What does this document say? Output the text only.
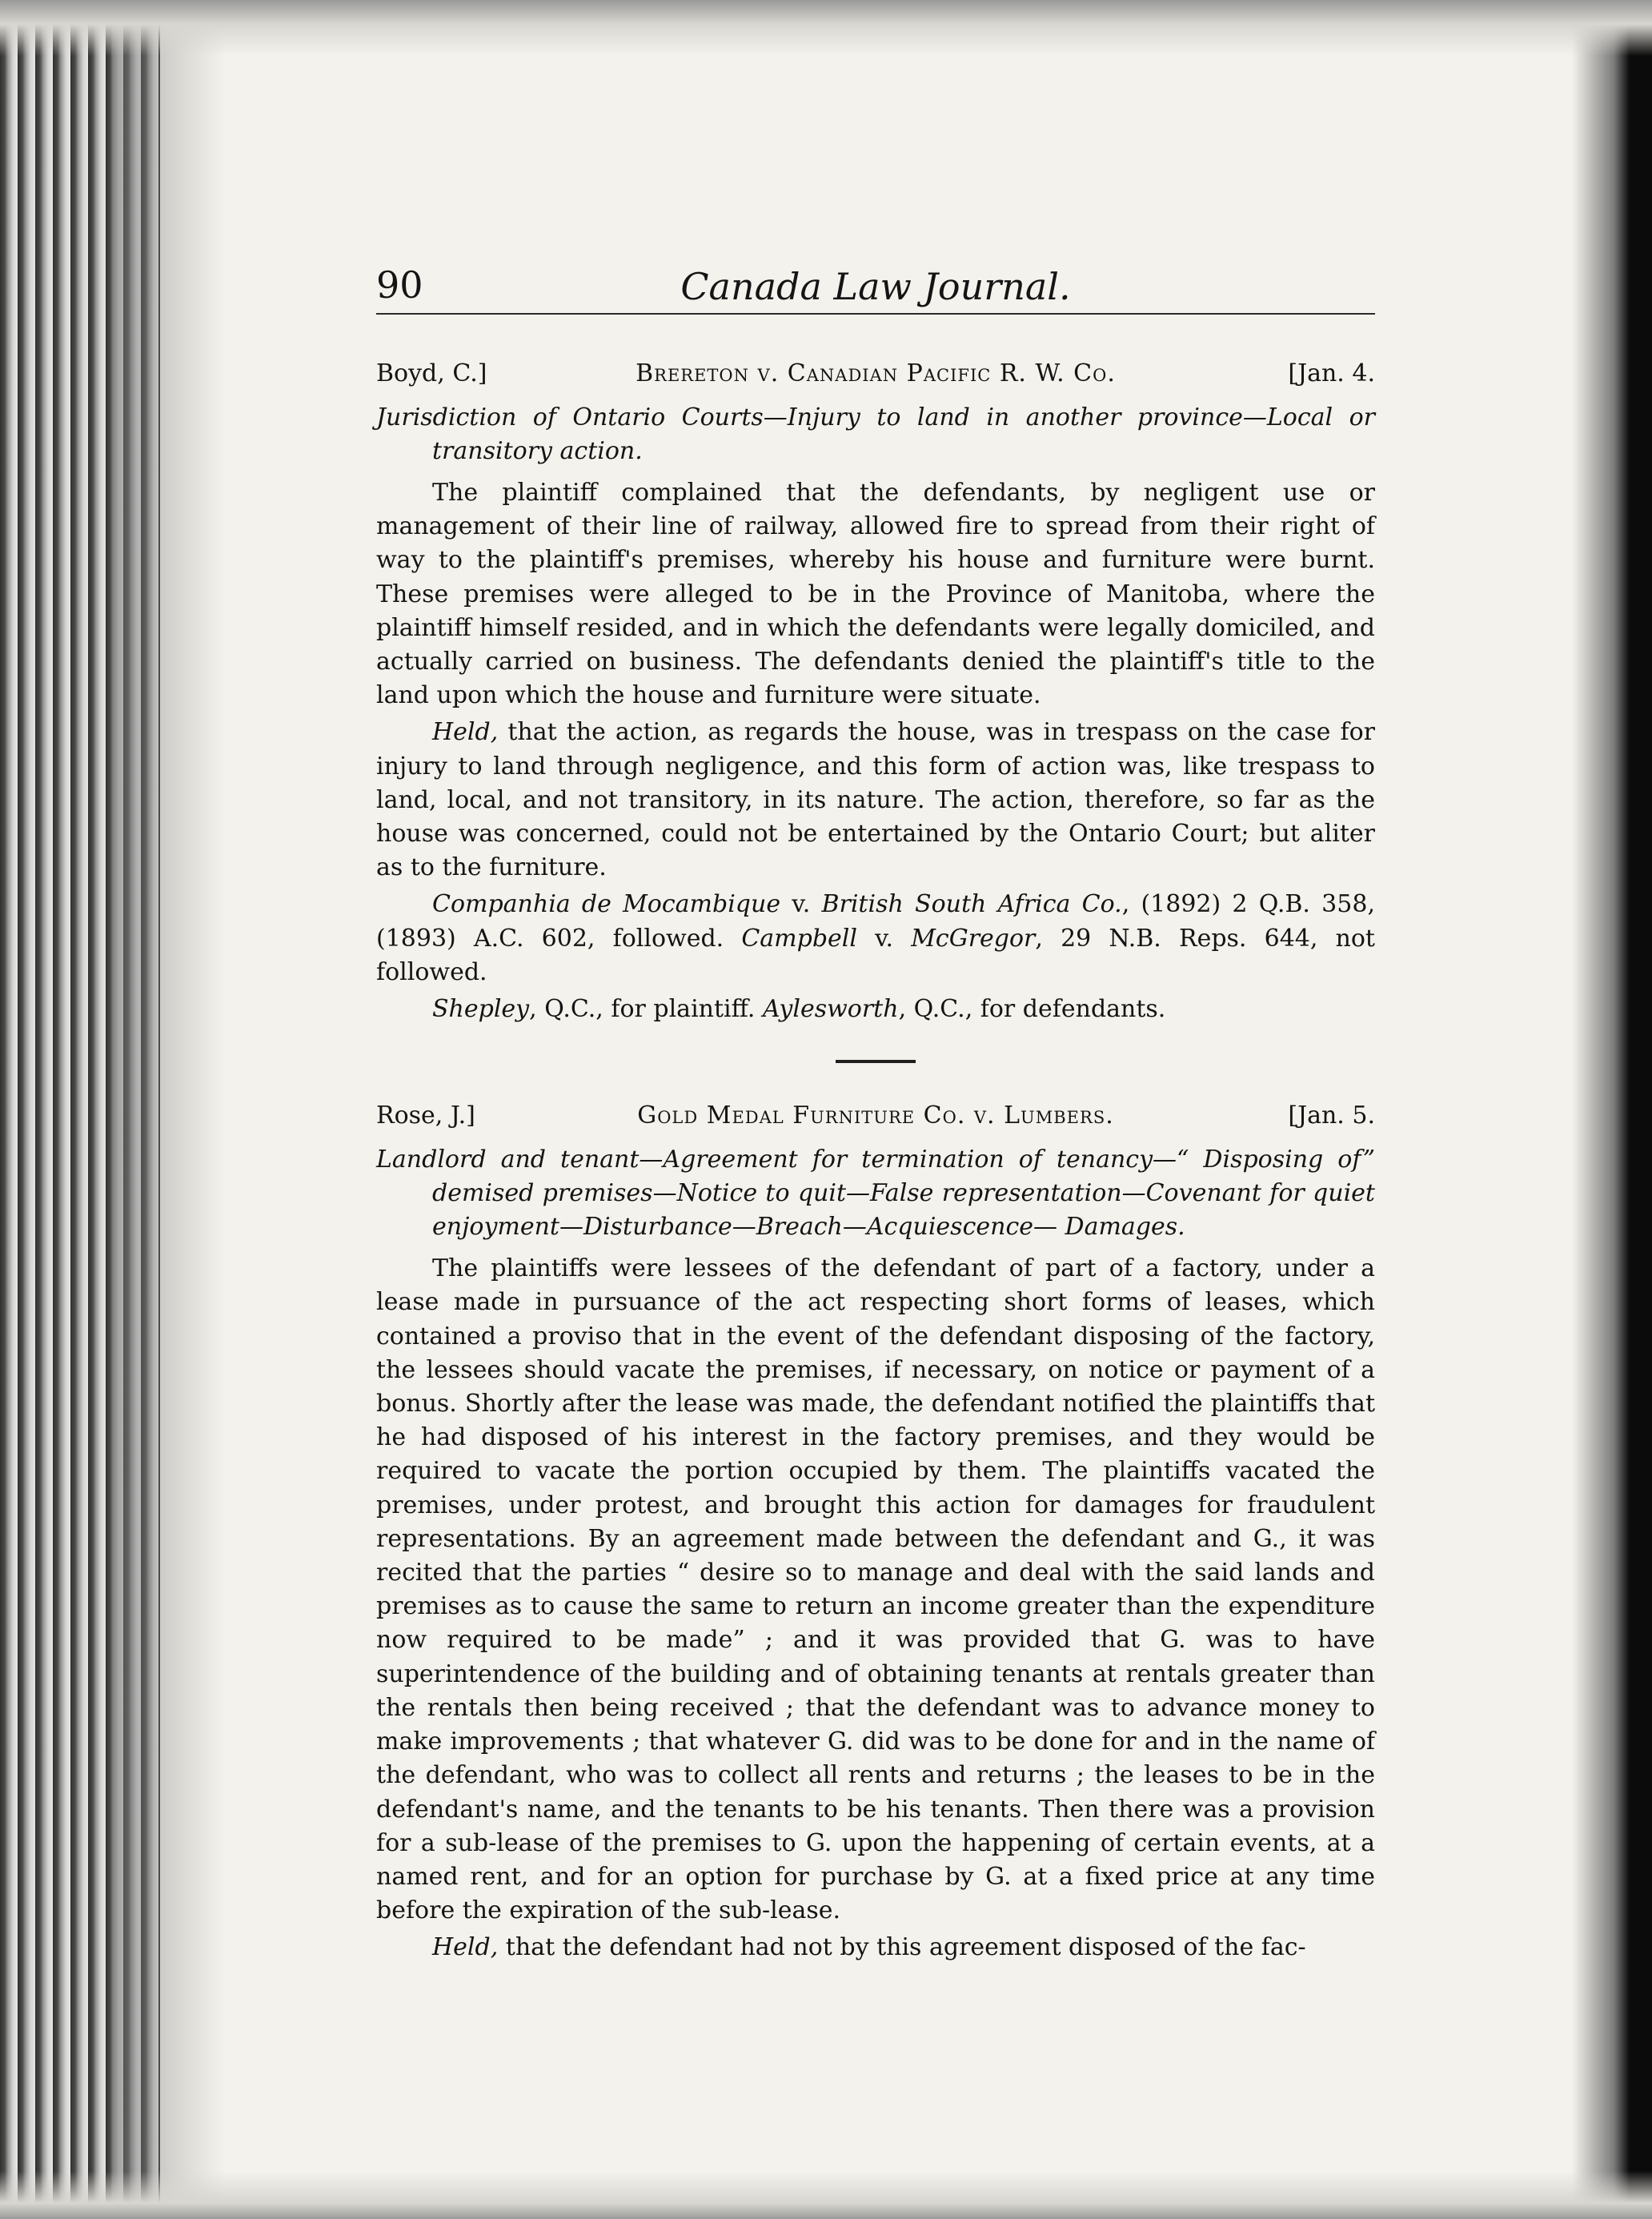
90	Canada Law Journal.
Boyd, C.]	Brereton v. Canadian Pacific R. W. Co.	[Jan. 4.
Jurisdiction of Ontario Courts—Injury to land in another province—Local or transitory action.

The plaintiff complained that the defendants, by negligent use or management of their line of railway, allowed fire to spread from their right of way to the plaintiff's premises, whereby his house and furniture were burnt. These premises were alleged to be in the Province of Manitoba, where the plaintiff himself resided, and in which the defendants were legally domiciled, and actually carried on business. The defendants denied the plaintiff's title to the land upon which the house and furniture were situate.

Held, that the action, as regards the house, was in trespass on the case for injury to land through negligence, and this form of action was, like trespass to land, local, and not transitory, in its nature. The action, therefore, so far as the house was concerned, could not be entertained by the Ontario Court; but aliter as to the furniture.

Companhia de Mocambique v. British South Africa Co., (1892) 2 Q.B. 358, (1893) A.C. 602, followed. Campbell v. McGregor, 29 N.B. Reps. 644, not followed.

Shepley, Q.C., for plaintiff. Aylesworth, Q.C., for defendants.

Rose, J.]	Gold Medal Furniture Co. v. Lumbers.	[Jan. 5.
Landlord and tenant—Agreement for termination of tenancy—“ Disposing of” demised premises—Notice to quit—False representation—Covenant for quiet enjoyment—Disturbance—Breach—Acquiescence— Damages.

The plaintiffs were lessees of the defendant of part of a factory, under a lease made in pursuance of the act respecting short forms of leases, which contained a proviso that in the event of the defendant disposing of the factory, the lessees should vacate the premises, if necessary, on notice or payment of a bonus. Shortly after the lease was made, the defendant notified the plaintiffs that he had disposed of his interest in the factory premises, and they would be required to vacate the portion occupied by them. The plaintiffs vacated the premises, under protest, and brought this action for damages for fraudulent representations. By an agreement made between the defendant and G., it was recited that the parties “ desire so to manage and deal with the said lands and premises as to cause the same to return an income greater than the expenditure now required to be made” ; and it was provided that G. was to have superintendence of the building and of obtaining tenants at rentals greater than the rentals then being received ; that the defendant was to advance money to make improvements ; that whatever G. did was to be done for and in the name of the defendant, who was to collect all rents and returns ; the leases to be in the defendant's name, and the tenants to be his tenants. Then there was a provision for a sub-lease of the premises to G. upon the happening of certain events, at a named rent, and for an option for purchase by G. at a fixed price at any time before the expiration of the sub-lease.

Held, that the defendant had not by this agreement disposed of the fac-
